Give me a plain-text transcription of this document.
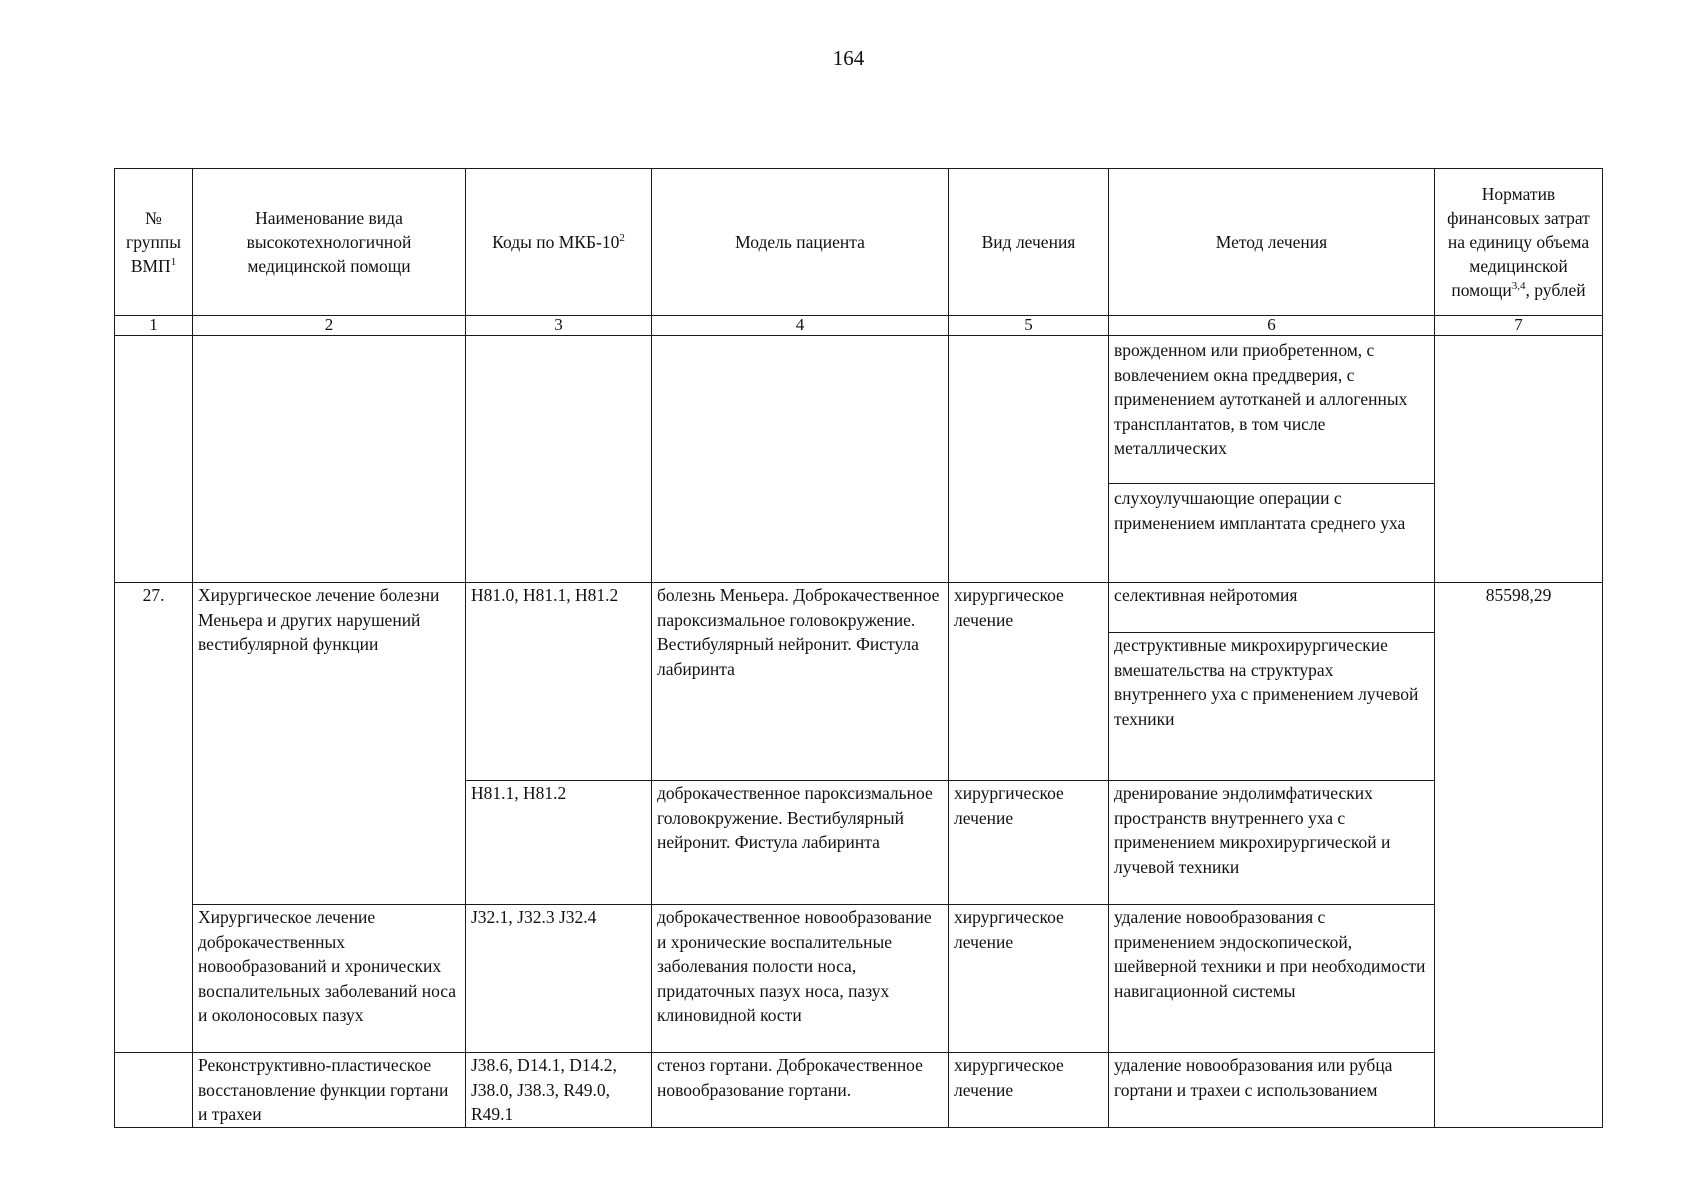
164
№ группы ВМП$^1$	Наименование вида высокотехнологичной медицинской помощи	Коды по МКБ-$10^2$	Модель пациента	Вид лечения	Метод лечения	Норматив финансовых затрат на единицу объема медицинской помощи$^{3,4}$, рублей
1	2	3	4	5	6	7
					врожденном или приобретенном, с вовлечением окна преддверия, с применением аутотканей и аллогенных трансплантатов, в том числе металлических	
					слухоулучшающие операции с применением имплантата среднего уха	
27.	Хирургическое лечение болезни Меньера и других нарушений вестибулярной функции	H81.0, H81.1, H81.2	болезнь Меньера. Доброкачественное пароксизмальное головокружение. Вестибулярный нейронит. Фистула лабиринта	хирургическое лечение	селективная нейротомия	85598,29
					деструктивные микрохирургические вмешательства на структурах внутреннего уха с применением лучевой техники	
		H81.1, H81.2	доброкачественное пароксизмальное головокружение. Вестибулярный нейронит. Фистула лабиринта	хирургическое лечение	дренирование эндолимфатических пространств внутреннего уха с применением микрохирургической и лучевой техники	
	Хирургическое лечение доброкачественных новообразований и хронических воспалительных заболеваний носа и околоносовых пазух	J32.1, J32.3 J32.4	доброкачественное новообразование и хронические воспалительные заболевания полости носа, придаточных пазух носа, пазух клиновидной кости	хирургическое лечение	удаление новообразования с применением эндоскопической, шейверной техники и при необходимости навигационной системы	
	Реконструктивно-пластическое восстановление функции гортани и трахеи	J38.6, D14.1, D14.2, J38.0, J38.3, R49.0, R49.1	стеноз гортани. Доброкачественное новообразование гортани.	хирургическое лечение	удаление новообразования или рубца гортани и трахеи с использованием	
